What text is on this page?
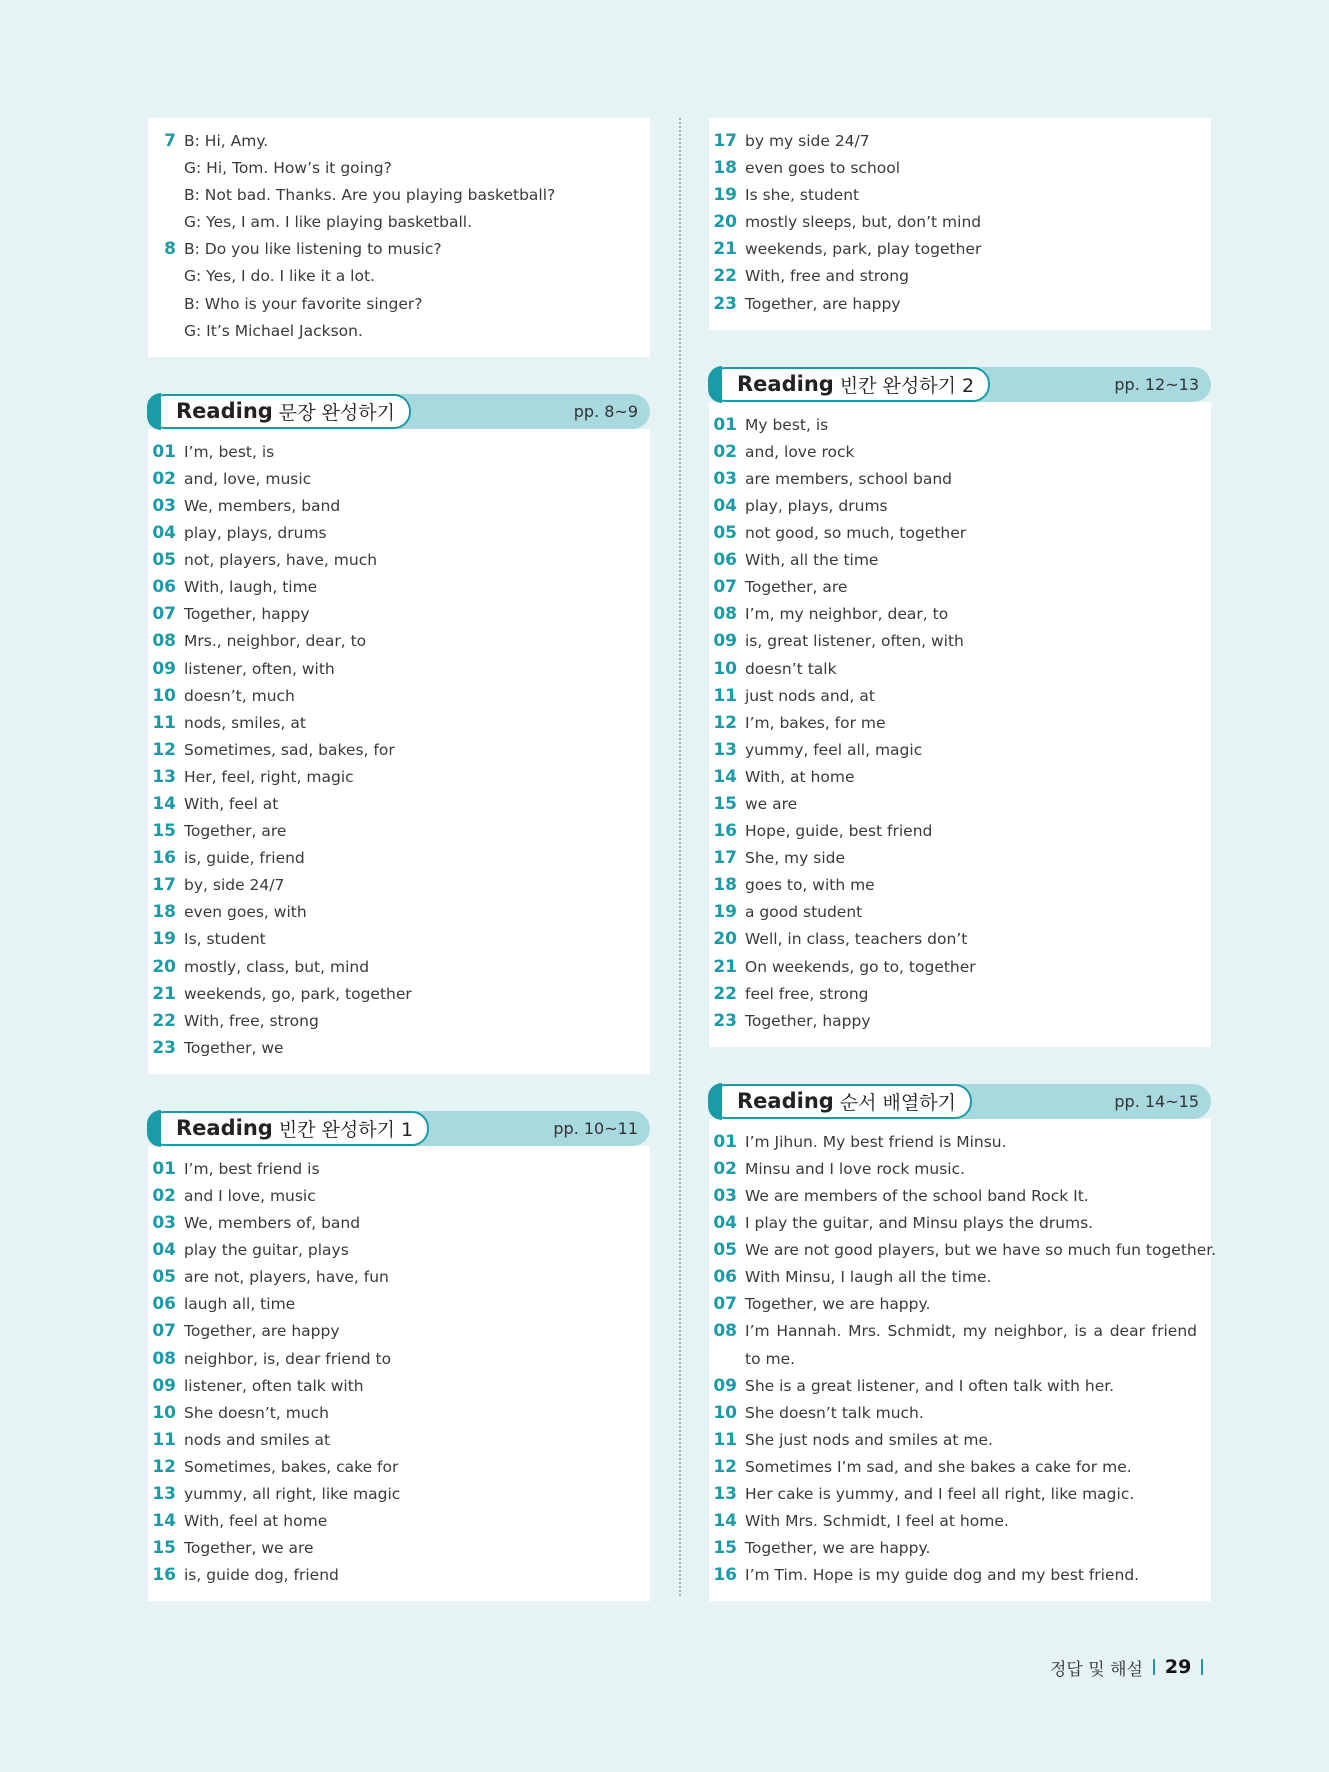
7 B: Hi, Amy.
G: Hi, Tom. How’s it going?
B: Not bad. Thanks. Are you playing basketball?
G: Yes, I am. I like playing basketball.
8 B: Do you like listening to music?
G: Yes, I do. I like it a lot.
B: Who is your favorite singer?
G: It’s Michael Jackson.
Reading 문장 완성하기	pp. 8~9
01 I’m, best, is
02 and, love, music
03 We, members, band
04 play, plays, drums
05 not, players, have, much
06 With, laugh, time
07 Together, happy
08 Mrs., neighbor, dear, to
09 listener, often, with
10 doesn’t, much
11 nods, smiles, at
12 Sometimes, sad, bakes, for
13 Her, feel, right, magic
14 With, feel at
15 Together, are
16 is, guide, friend
17 by, side 24/7
18 even goes, with
19 Is, student
20 mostly, class, but, mind
21 weekends, go, park, together
22 With, free, strong
23 Together, we
Reading 빈칸 완성하기 1	pp. 10~11
01 I’m, best friend is
02 and I love, music
03 We, members of, band
04 play the guitar, plays
05 are not, players, have, fun
06 laugh all, time
07 Together, are happy
08 neighbor, is, dear friend to
09 listener, often talk with
10 She doesn’t, much
11 nods and smiles at
12 Sometimes, bakes, cake for
13 yummy, all right, like magic
14 With, feel at home
15 Together, we are
16 is, guide dog, friend
17 by my side 24/7
18 even goes to school
19 Is she, student
20 mostly sleeps, but, don’t mind
21 weekends, park, play together
22 With, free and strong
23 Together, are happy
Reading 빈칸 완성하기 2	pp. 12~13
01 My best, is
02 and, love rock
03 are members, school band
04 play, plays, drums
05 not good, so much, together
06 With, all the time
07 Together, are
08 I’m, my neighbor, dear, to
09 is, great listener, often, with
10 doesn’t talk
11 just nods and, at
12 I’m, bakes, for me
13 yummy, feel all, magic
14 With, at home
15 we are
16 Hope, guide, best friend
17 She, my side
18 goes to, with me
19 a good student
20 Well, in class, teachers don’t
21 On weekends, go to, together
22 feel free, strong
23 Together, happy
Reading 순서 배열하기	pp. 14~15
01 I’m Jihun. My best friend is Minsu.
02 Minsu and I love rock music.
03 We are members of the school band Rock It.
04 I play the guitar, and Minsu plays the drums.
05 We are not good players, but we have so much fun together.
06 With Minsu, I laugh all the time.
07 Together, we are happy.
08 I’m Hannah. Mrs. Schmidt, my neighbor, is a dear friend to me.
09 She is a great listener, and I often talk with her.
10 She doesn’t talk much.
11 She just nods and smiles at me.
12 Sometimes I’m sad, and she bakes a cake for me.
13 Her cake is yummy, and I feel all right, like magic.
14 With Mrs. Schmidt, I feel at home.
15 Together, we are happy.
16 I’m Tim. Hope is my guide dog and my best friend.
정답 및 해설 29
